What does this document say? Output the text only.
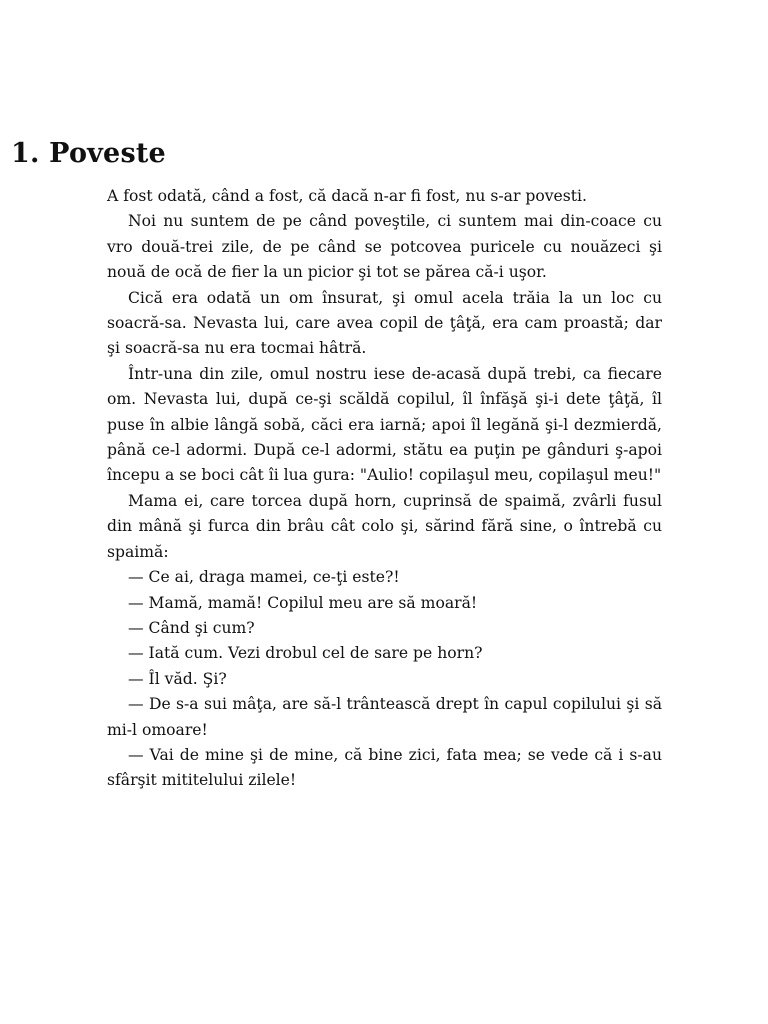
1. Poveste

A fost odată, când a fost, că dacă n-ar fi fost, nu s-ar povesti.

Noi nu suntem de pe când poveştile, ci suntem mai din-coace cu vro două-trei zile, de pe când se potcovea puricele cu nouăzeci şi nouă de ocă de fier la un picior şi tot se părea că-i uşor.

Cică era odată un om însurat, şi omul acela trăia la un loc cu soacră-sa. Nevasta lui, care avea copil de ţâţă, era cam proastă; dar şi soacră-sa nu era tocmai hâtră.

Într-una din zile, omul nostru iese de-acasă după trebi, ca fiecare om. Nevasta lui, după ce-şi scăldă copilul, îl înfăşă şi-i dete ţâţă, îl puse în albie lângă sobă, căci era iarnă; apoi îl legănă şi-l dezmierdă, până ce-l adormi. După ce-l adormi, stătu ea puţin pe gânduri ş-apoi începu a se boci cât îi lua gura: "Aulio! copilaşul meu, copilaşul meu!"

Mama ei, care torcea după horn, cuprinsă de spaimă, zvârli fusul din mână şi furca din brâu cât colo şi, sărind fără sine, o întrebă cu spaimă:

— Ce ai, draga mamei, ce-ţi este?!

— Mamă, mamă! Copilul meu are să moară!

— Când şi cum?

— Iată cum. Vezi drobul cel de sare pe horn?

— Îl văd. Şi?

— De s-a sui mâţa, are să-l trântească drept în capul copilului şi să mi-l omoare!

— Vai de mine şi de mine, că bine zici, fata mea; se vede că i s-au sfârşit mititelului zilele!
